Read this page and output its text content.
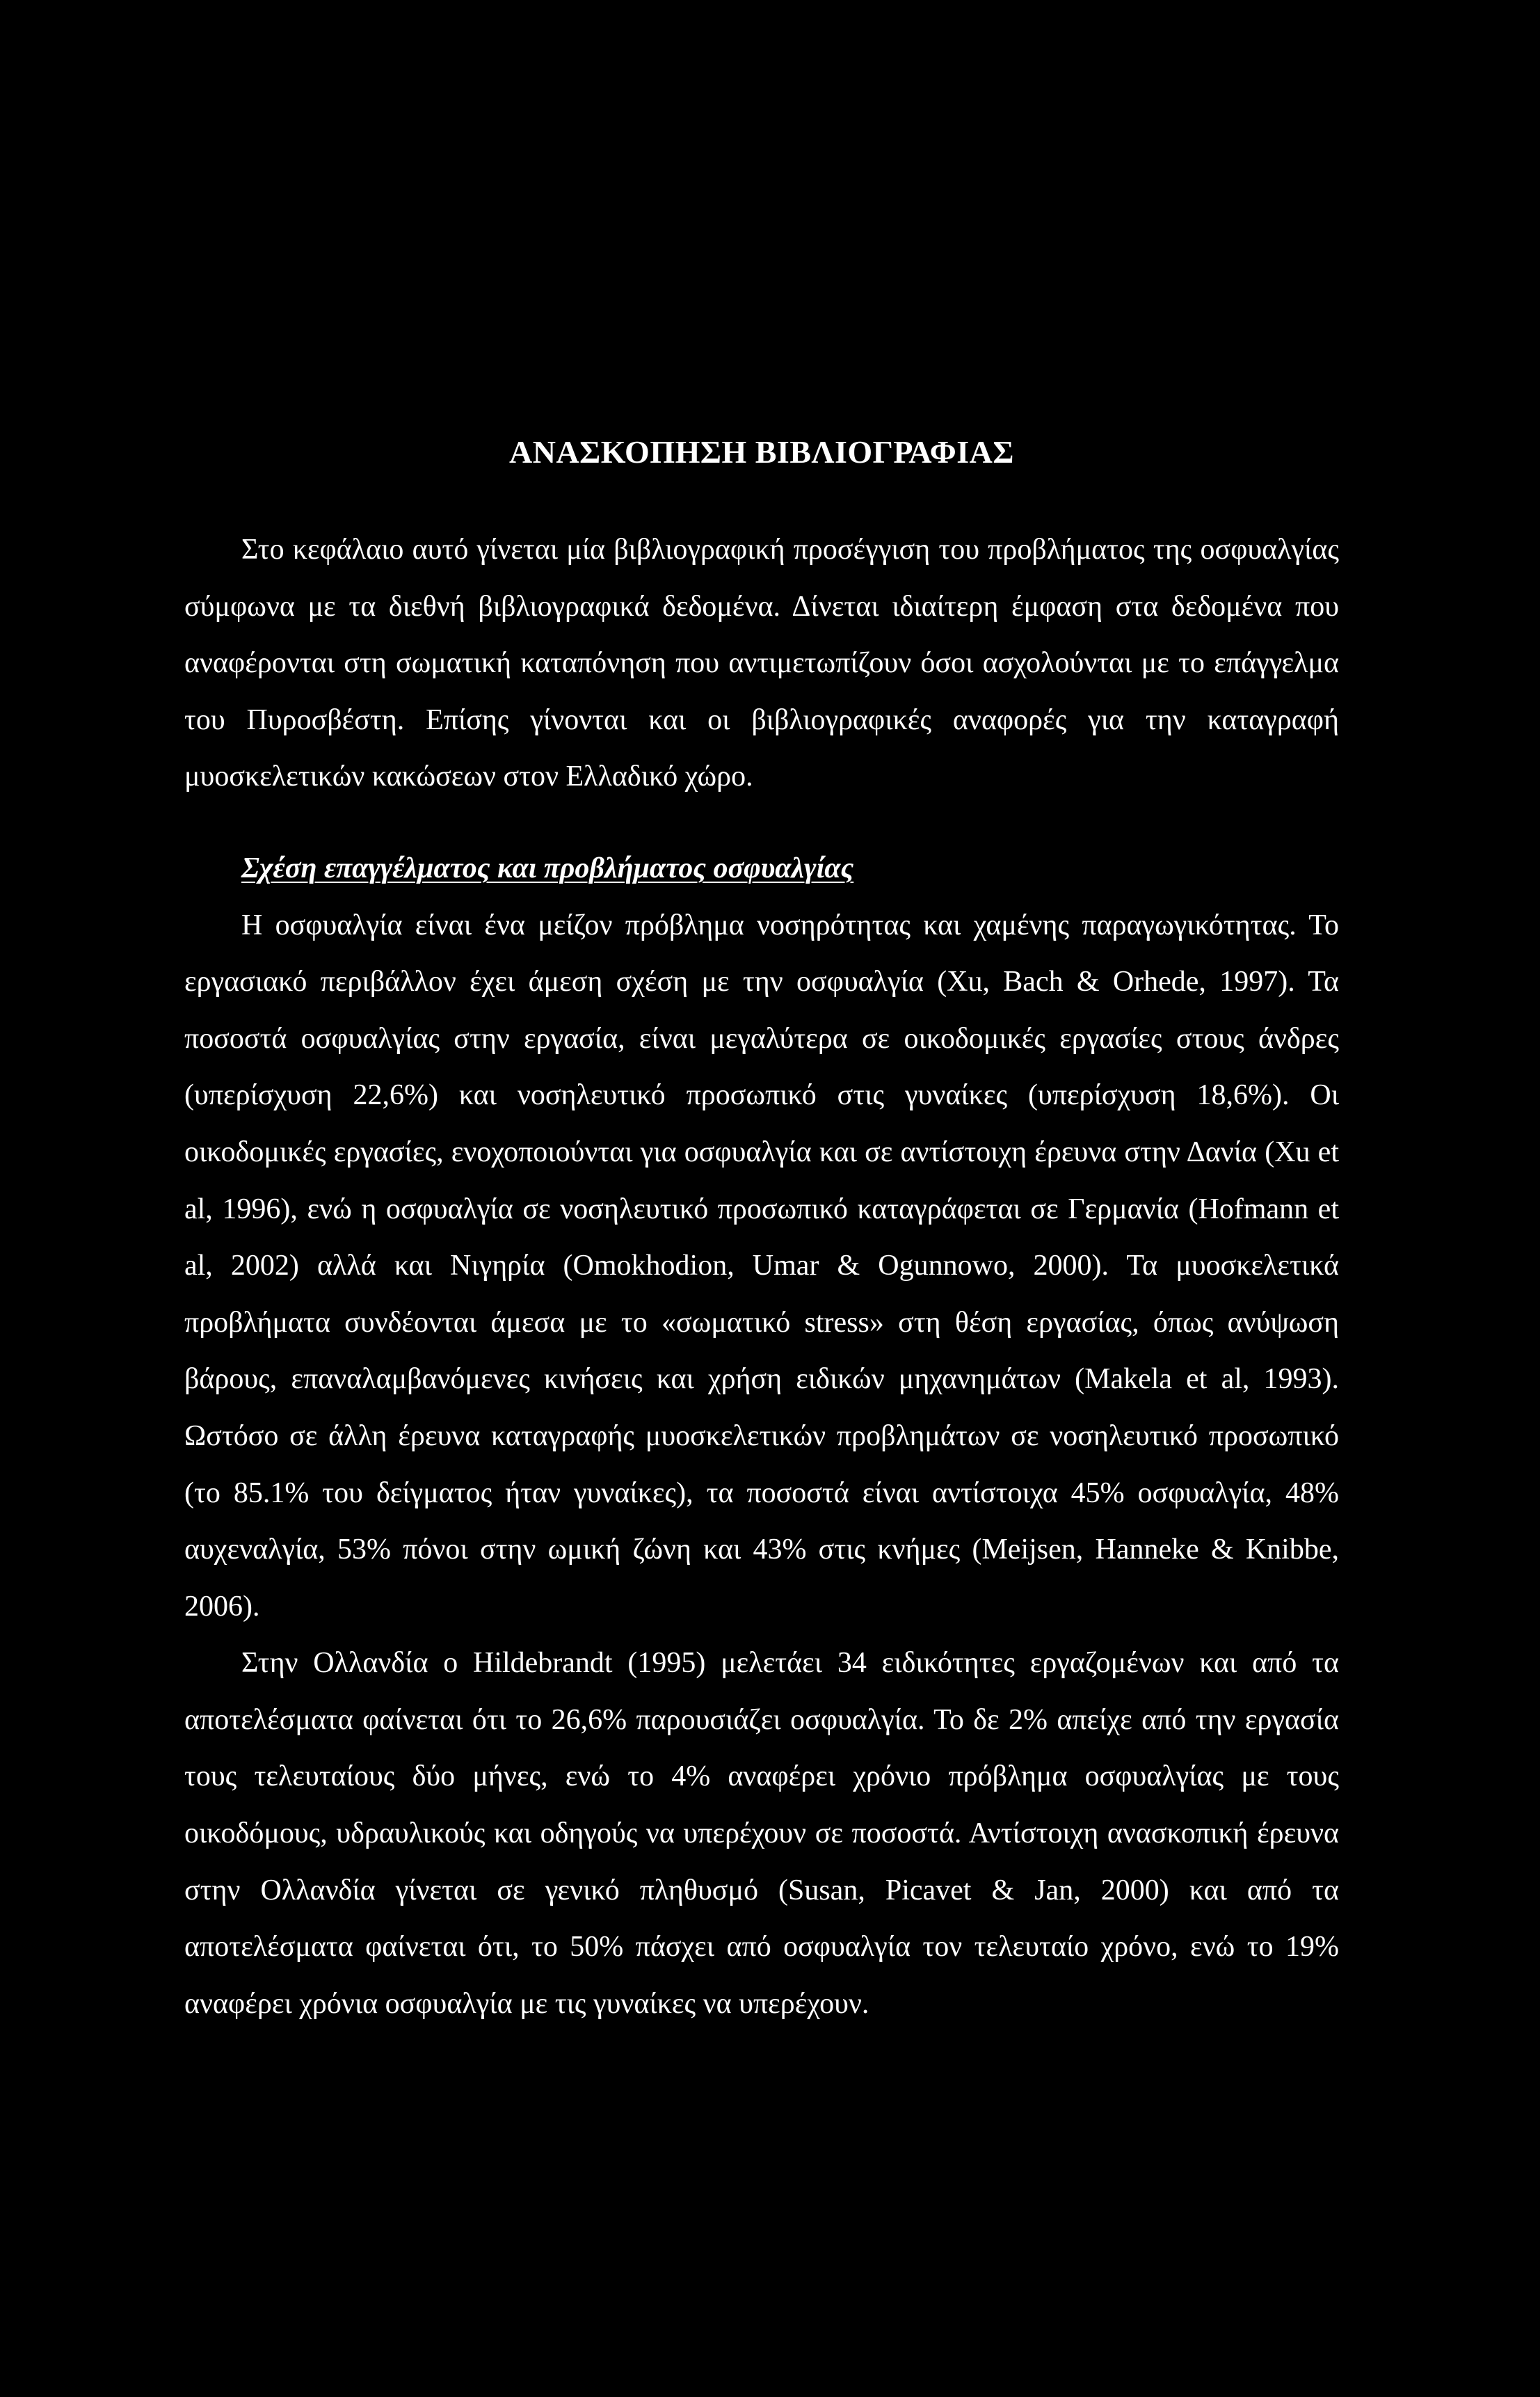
ΑΝΑΣΚΟΠΗΣΗ ΒΙΒΛΙΟΓΡΑΦΙΑΣ

Στο κεφάλαιο αυτό γίνεται μία βιβλιογραφική προσέγγιση του προβλήματος της οσφυαλγίας σύμφωνα με τα διεθνή βιβλιογραφικά δεδομένα. Δίνεται ιδιαίτερη έμφαση στα δεδομένα που αναφέρονται στη σωματική καταπόνηση που αντιμετωπίζουν όσοι ασχολούνται με το επάγγελμα του Πυροσβέστη. Επίσης γίνονται και οι βιβλιογραφικές αναφορές για την καταγραφή μυοσκελετικών κακώσεων στον Ελλαδικό χώρο.

Σχέση επαγγέλματος και προβλήματος οσφυαλγίας

Η οσφυαλγία είναι ένα μείζον πρόβλημα νοσηρότητας και χαμένης παραγωγικότητας. Το εργασιακό περιβάλλον έχει άμεση σχέση με την οσφυαλγία (Xu, Bach & Orhede, 1997). Τα ποσοστά οσφυαλγίας στην εργασία, είναι μεγαλύτερα σε οικοδομικές εργασίες στους άνδρες (υπερίσχυση 22,6%) και νοσηλευτικό προσωπικό στις γυναίκες (υπερίσχυση 18,6%). Οι οικοδομικές εργασίες, ενοχοποιούνται για οσφυαλγία και σε αντίστοιχη έρευνα στην Δανία (Xu et al, 1996), ενώ η οσφυαλγία σε νοσηλευτικό προσωπικό καταγράφεται σε Γερμανία (Hofmann et al, 2002) αλλά και Νιγηρία (Omokhodion, Umar & Ogunnowo, 2000). Τα μυοσκελετικά προβλήματα συνδέονται άμεσα με το «σωματικό stress» στη θέση εργασίας, όπως ανύψωση βάρους, επαναλαμβανόμενες κινήσεις και χρήση ειδικών μηχανημάτων (Makela et al, 1993). Ωστόσο σε άλλη έρευνα καταγραφής μυοσκελετικών προβλημάτων σε νοσηλευτικό προσωπικό (το 85.1% του δείγματος ήταν γυναίκες), τα ποσοστά είναι αντίστοιχα 45% οσφυαλγία, 48% αυχεναλγία, 53% πόνοι στην ωμική ζώνη και 43% στις κνήμες (Meijsen, Hanneke & Knibbe, 2006).

Στην Ολλανδία ο Hildebrandt (1995) μελετάει 34 ειδικότητες εργαζομένων και από τα αποτελέσματα φαίνεται ότι το 26,6% παρουσιάζει οσφυαλγία. Το δε 2% απείχε από την εργασία τους τελευταίους δύο μήνες, ενώ το 4% αναφέρει χρόνιο πρόβλημα οσφυαλγίας με τους οικοδόμους, υδραυλικούς και οδηγούς να υπερέχουν σε ποσοστά. Αντίστοιχη ανασκοπική έρευνα στην Ολλανδία γίνεται σε γενικό πληθυσμό (Susan, Picavet & Jan, 2000) και από τα αποτελέσματα φαίνεται ότι, το 50% πάσχει από οσφυαλγία τον τελευταίο χρόνο, ενώ το 19% αναφέρει χρόνια οσφυαλγία με τις γυναίκες να υπερέχουν.
